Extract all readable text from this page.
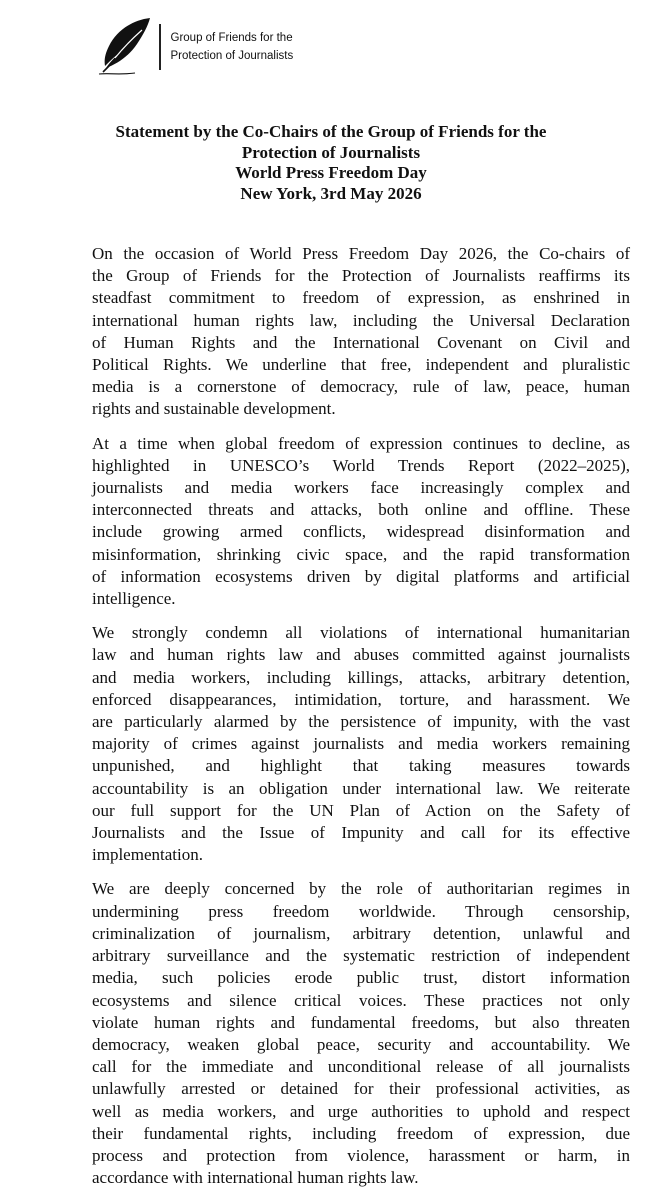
Group of Friends for the
Protection of Journalists
Statement by the Co-Chairs of the Group of Friends for the
Protection of Journalists
World Press Freedom Day
New York, 3rd May 2026
On the occasion of World Press Freedom Day 2026, the Co-chairs of
the Group of Friends for the Protection of Journalists reaffirms its
steadfast commitment to freedom of expression, as enshrined in
international human rights law, including the Universal Declaration
of Human Rights and the International Covenant on Civil and
Political Rights. We underline that free, independent and pluralistic
media is a cornerstone of democracy, rule of law, peace, human
rights and sustainable development.
At a time when global freedom of expression continues to decline, as
highlighted in UNESCO’s World Trends Report (2022–2025),
journalists and media workers face increasingly complex and
interconnected threats and attacks, both online and offline. These
include growing armed conflicts, widespread disinformation and
misinformation, shrinking civic space, and the rapid transformation
of information ecosystems driven by digital platforms and artificial
intelligence.
We strongly condemn all violations of international humanitarian
law and human rights law and abuses committed against journalists
and media workers, including killings, attacks, arbitrary detention,
enforced disappearances, intimidation, torture, and harassment. We
are particularly alarmed by the persistence of impunity, with the vast
majority of crimes against journalists and media workers remaining
unpunished, and highlight that taking measures towards
accountability is an obligation under international law. We reiterate
our full support for the UN Plan of Action on the Safety of
Journalists and the Issue of Impunity and call for its effective
implementation.
We are deeply concerned by the role of authoritarian regimes in
undermining press freedom worldwide. Through censorship,
criminalization of journalism, arbitrary detention, unlawful and
arbitrary surveillance and the systematic restriction of independent
media, such policies erode public trust, distort information
ecosystems and silence critical voices. These practices not only
violate human rights and fundamental freedoms, but also threaten
democracy, weaken global peace, security and accountability. We
call for the immediate and unconditional release of all journalists
unlawfully arrested or detained for their professional activities, as
well as media workers, and urge authorities to uphold and respect
their fundamental rights, including freedom of expression, due
process and protection from violence, harassment or harm, in
accordance with international human rights law.
